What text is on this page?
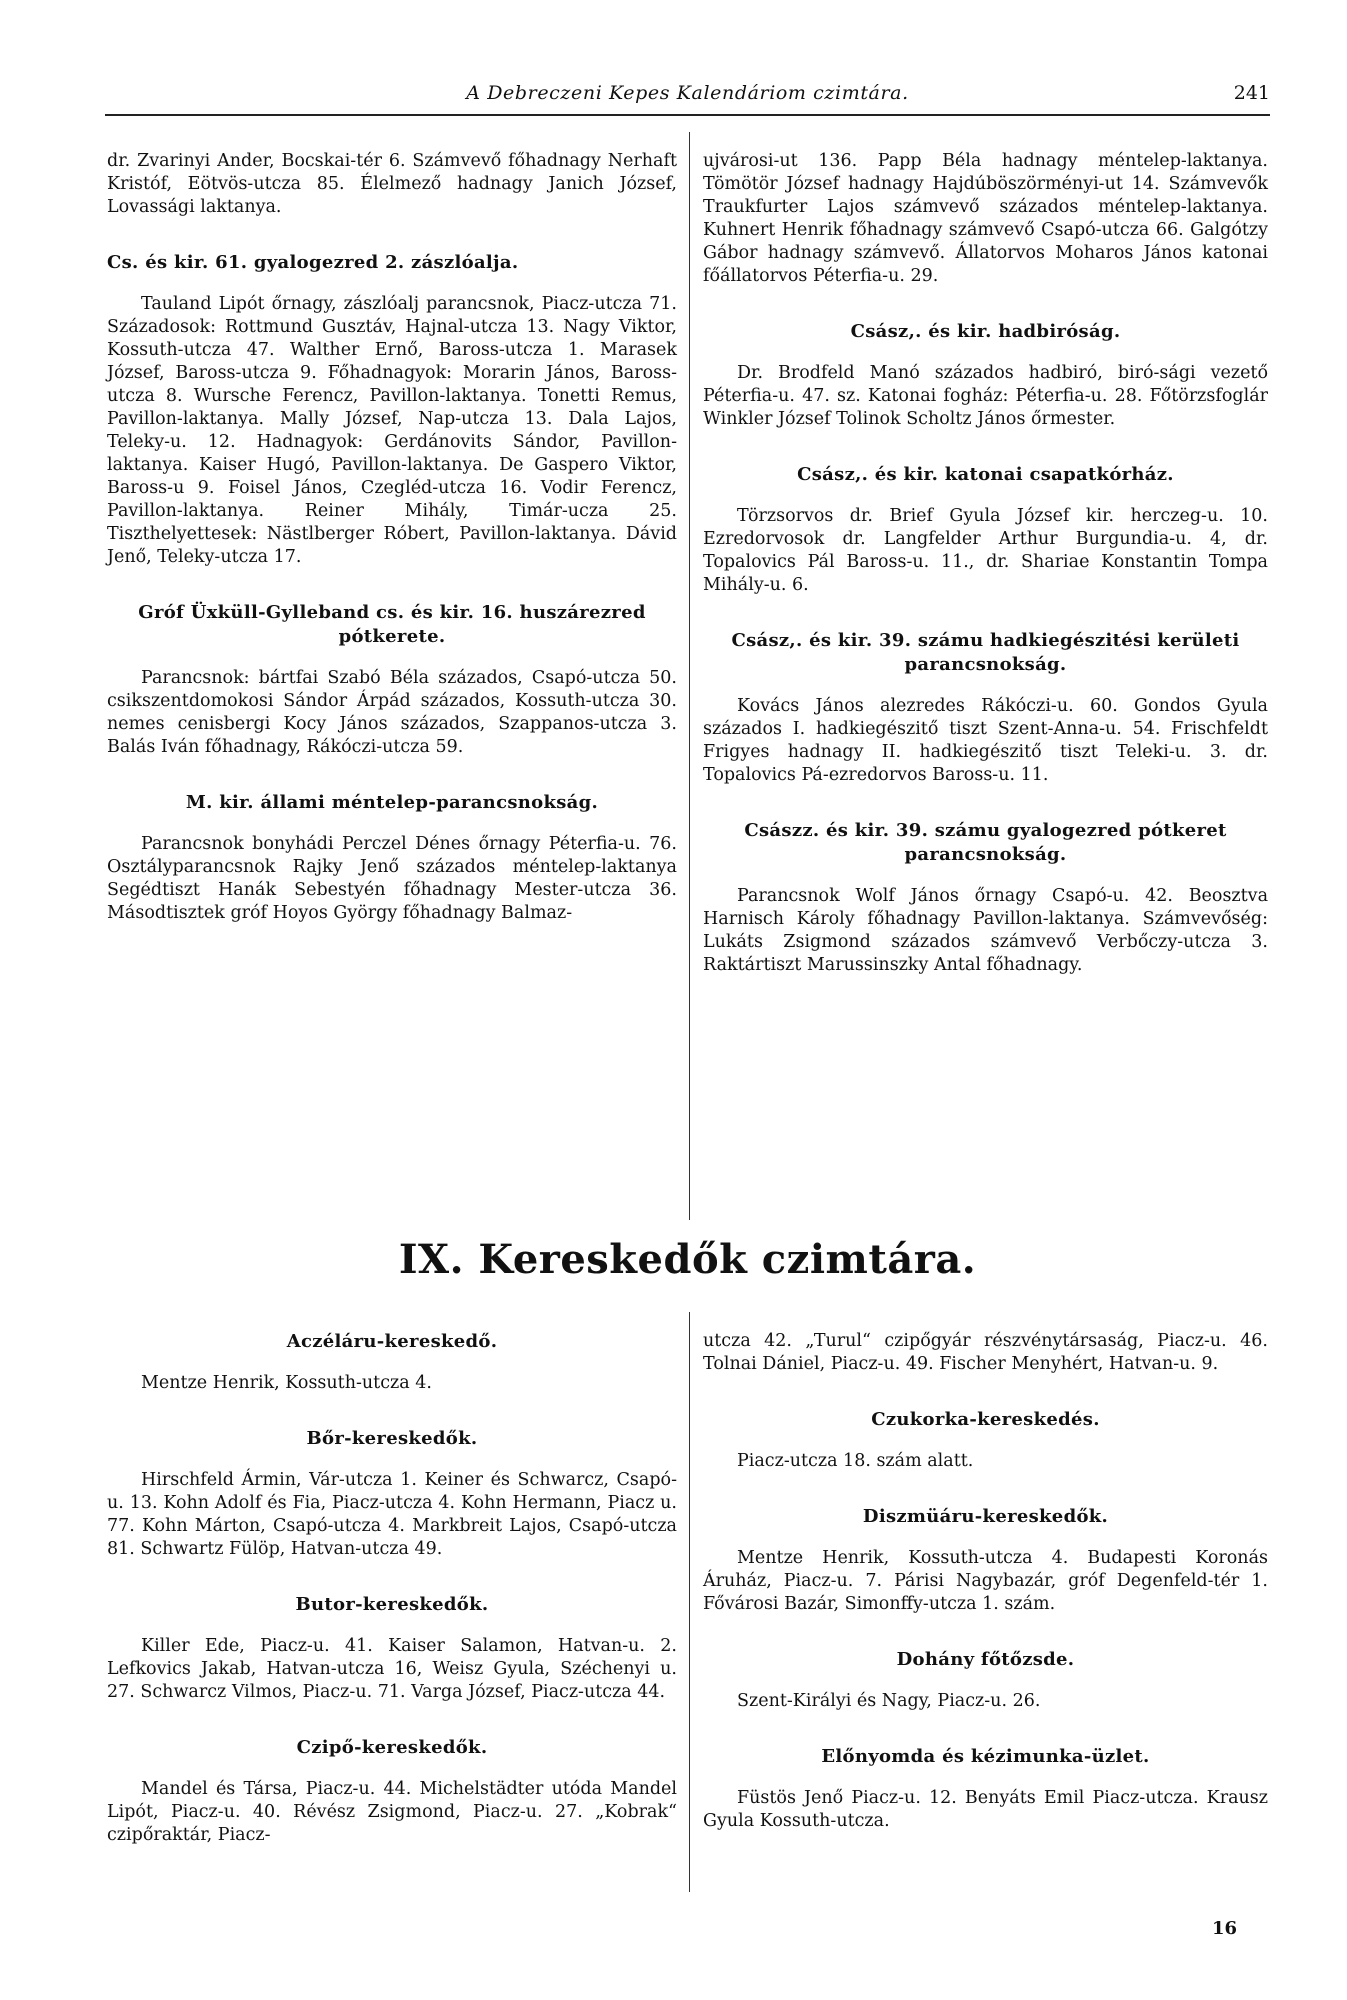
A Debreczeni Kepes Kalendáriom czimtára.	241

dr. Zvarinyi Ander, Bocskai-tér 6. Számvevő főhadnagy Nerhaft Kristóf, Eötvös-utcza 85. Élelmező hadnagy Janich József, Lovassági laktanya.

Cs. és kir. 61. gyalogezred 2. zászlóalja.

Tauland Lipót őrnagy, zászlóalj parancsnok, Piacz-utcza 71. Századosok: Rottmund Gusztáv, Hajnal-utcza 13. Nagy Viktor, Kossuth-utcza 47. Walther Ernő, Baross-utcza 1. Marasek József, Baross-utcza 9. Főhadnagyok: Morarin János, Baross-utcza 8. Wursche Ferencz, Pavillon-laktanya. Tonetti Remus, Pavillon-laktanya. Mally József, Nap-utcza 13. Dala Lajos, Teleky-u. 12. Hadnagyok: Gerdánovits Sándor, Pavillon-laktanya. Kaiser Hugó, Pavillon-laktanya. De Gaspero Viktor, Baross-u 9. Foisel János, Czegléd-utcza 16. Vodir Ferencz, Pavillon-laktanya. Reiner Mihály, Timár-ucza 25. Tiszthelyettesek: Nästlberger Róbert, Pavillon-laktanya. Dávid Jenő, Teleky-utcza 17.

Gróf Üxküll-Gylleband cs. és kir. 16. huszárezred pótkerete.

Parancsnok: bártfai Szabó Béla százados, Csapó-utcza 50. csikszentdomokosi Sándor Árpád százados, Kossuth-utcza 30. nemes cenisbergi Kocy János százados, Szappanos-utcza 3. Balás Iván főhadnagy, Rákóczi-utcza 59.

M. kir. állami méntelep-parancsnokság.

Parancsnok bonyhádi Perczel Dénes őrnagy Péterfia-u. 76. Osztályparancsnok Rajky Jenő százados méntelep-laktanya Segédtiszt Hanák Sebestyén főhadnagy Mester-utcza 36. Másodtisztek gróf Hoyos György főhadnagy Balmaz-

ujvárosi-ut 136. Papp Béla hadnagy méntelep-laktanya. Tömötör József hadnagy Hajdúböszörményi-ut 14. Számvevők Traukfurter Lajos számvevő százados méntelep-laktanya. Kuhnert Henrik főhadnagy számvevő Csapó-utcza 66. Galgótzy Gábor hadnagy számvevő. Állatorvos Moharos János katonai főállatorvos Péterfia-u. 29.

Csász,. és kir. hadbiróság.

Dr. Brodfeld Manó százados hadbiró, biró-sági vezető Péterfia-u. 47. sz. Katonai fogház: Péterfia-u. 28. Főtörzsfoglár Winkler József Tolinok Scholtz János őrmester.

Csász,. és kir. katonai csapatkórház.

Törzsorvos dr. Brief Gyula József kir. herczeg-u. 10. Ezredorvosok dr. Langfelder Arthur Burgundia-u. 4, dr. Topalovics Pál Baross-u. 11., dr. Shariae Konstantin Tompa Mihály-u. 6.

Csász,. és kir. 39. számu hadkiegészitési kerületi parancsnokság.

Kovács János alezredes Rákóczi-u. 60. Gondos Gyula százados I. hadkiegészitő tiszt Szent-Anna-u. 54. Frischfeldt Frigyes hadnagy II. hadkiegészitő tiszt Teleki-u. 3. dr. Topalovics Pá-ezredorvos Baross-u. 11.

Császz. és kir. 39. számu gyalogezred pótkeret parancsnokság.

Parancsnok Wolf János őrnagy Csapó-u. 42. Beosztva Harnisch Károly főhadnagy Pavillon-laktanya. Számvevőség: Lukáts Zsigmond százados számvevő Verbőczy-utcza 3. Raktártiszt Marussinszky Antal főhadnagy.

IX. Kereskedők czimtára.
Aczéláru-kereskedő.

Mentze Henrik, Kossuth-utcza 4.

Bőr-kereskedők.

Hirschfeld Ármin, Vár-utcza 1. Keiner és Schwarcz, Csapó-u. 13. Kohn Adolf és Fia, Piacz-utcza 4. Kohn Hermann, Piacz u. 77. Kohn Márton, Csapó-utcza 4. Markbreit Lajos, Csapó-utcza 81. Schwartz Fülöp, Hatvan-utcza 49.

Butor-kereskedők.

Killer Ede, Piacz-u. 41. Kaiser Salamon, Hatvan-u. 2. Lefkovics Jakab, Hatvan-utcza 16, Weisz Gyula, Széchenyi u. 27. Schwarcz Vilmos, Piacz-u. 71. Varga József, Piacz-utcza 44.

Czipő-kereskedők.

Mandel és Társa, Piacz-u. 44. Michelstädter utóda Mandel Lipót, Piacz-u. 40. Révész Zsigmond, Piacz-u. 27. „Kobrak“ czipőraktár, Piacz-

utcza 42. „Turul“ czipőgyár részvénytársaság, Piacz-u. 46. Tolnai Dániel, Piacz-u. 49. Fischer Menyhért, Hatvan-u. 9.

Czukorka-kereskedés.

Piacz-utcza 18. szám alatt.

Diszmüáru-kereskedők.

Mentze Henrik, Kossuth-utcza 4. Budapesti Koronás Áruház, Piacz-u. 7. Párisi Nagybazár, gróf Degenfeld-tér 1. Fővárosi Bazár, Simonffy-utcza 1. szám.

Dohány főtőzsde.

Szent-Királyi és Nagy, Piacz-u. 26.

Előnyomda és kézimunka-üzlet.

Füstös Jenő Piacz-u. 12. Benyáts Emil Piacz-utcza. Krausz Gyula Kossuth-utcza.

16
